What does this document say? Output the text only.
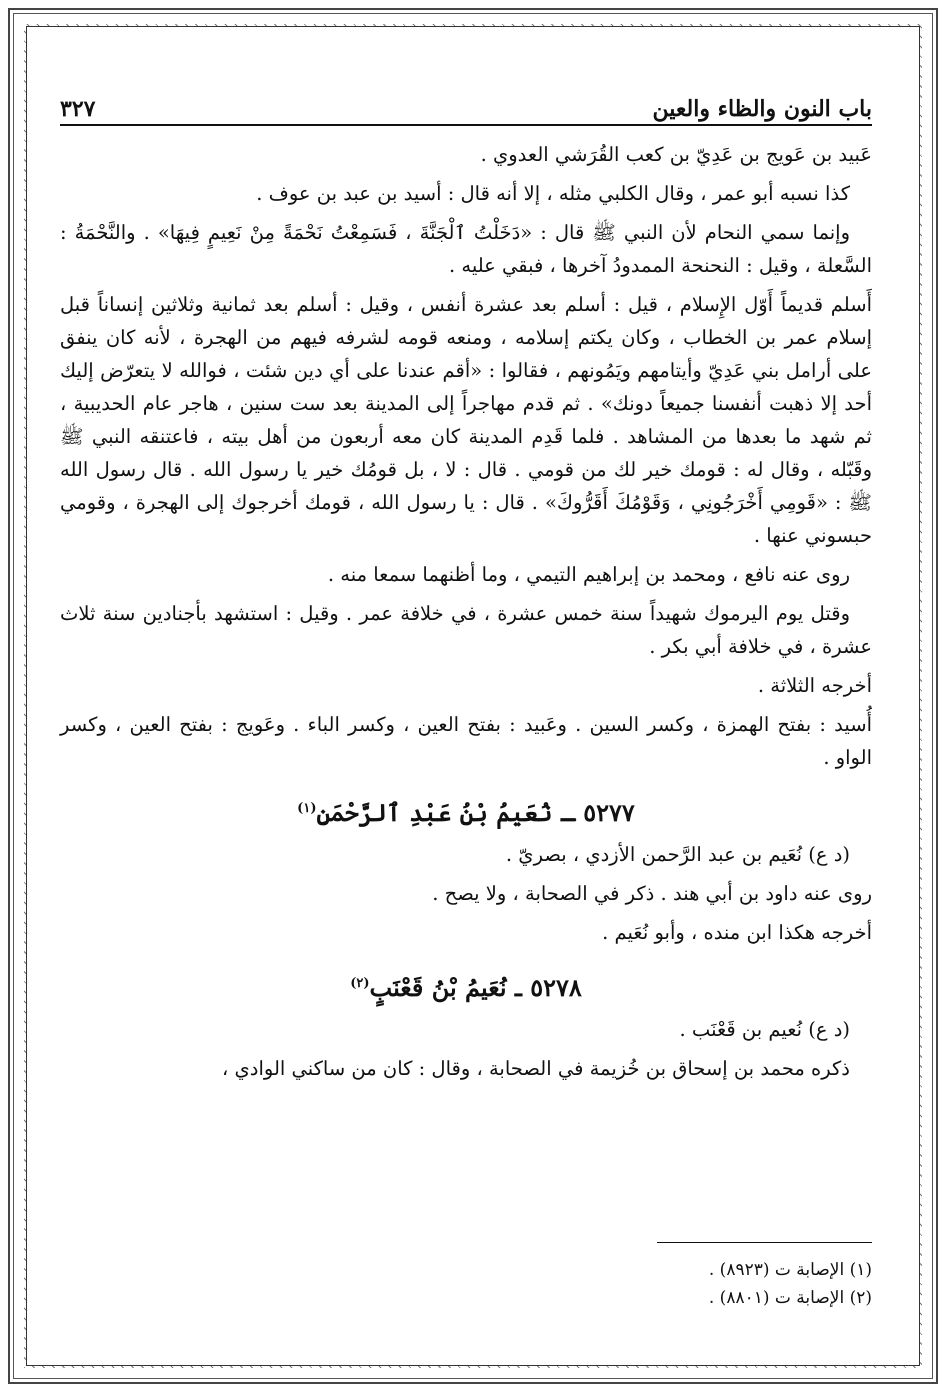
باب النون والظاء والعين
٣٢٧

عَبيد بن عَويج بن عَدِيّ بن كعب القُرَشي العدوي .

كذا نسبه أبو عمر ، وقال الكلبي مثله ، إلا أنه قال : أسيد بن عبد بن عوف .

وإنما سمي النحام لأن النبي ﷺ قال : «دَخَلْتُ ٱلْجَنَّةَ ، فَسَمِعْتُ نَحْمَةً مِنْ نَعِيمٍ فِيهَا» . والنَّحْمَةُ : السَّعلة ، وقيل : النحنحة الممدودُ آخرها ، فبقي عليه .

أَسلم قديماً أَوّل الإِسلام ، قيل : أسلم بعد عشرة أنفس ، وقيل : أسلم بعد ثمانية وثلاثين إنساناً قبل إسلام عمر بن الخطاب ، وكان يكتم إسلامه ، ومنعه قومه لشرفه فيهم من الهجرة ، لأنه كان ينفق على أرامل بني عَدِيّ وأيتامهم ويَمُونهم ، فقالوا : «أقم عندنا على أي دين شئت ، فوالله لا يتعرّض إليك أحد إلا ذهبت أنفسنا جميعاً دونك» . ثم قدم مهاجراً إلى المدينة بعد ست سنين ، هاجر عام الحديبية ، ثم شهد ما بعدها من المشاهد . فلما قَدِم المدينة كان معه أربعون من أهل بيته ، فاعتنقه النبي ﷺ وقَبّله ، وقال له : قومك خير لك من قومي . قال : لا ، بل قومُك خير يا رسول الله . قال رسول الله ﷺ : «قَومِي أَخْرَجُونِي ، وَقَوْمُكَ أَقَرُّوكَ» . قال : يا رسول الله ، قومك أخرجوك إلى الهجرة ، وقومي حبسوني عنها .

روى عنه نافع ، ومحمد بن إبراهيم التيمي ، وما أظنهما سمعا منه .

وقتل يوم اليرموك شهيداً سنة خمس عشرة ، في خلافة عمر . وقيل : استشهد بأجنادين سنة ثلاث عشرة ، في خلافة أبي بكر .

أخرجه الثلاثة .

أُسيد : بفتح الهمزة ، وكسر السين . وعَبيد : بفتح العين ، وكسر الباء . وعَويج : بفتح العين ، وكسر الواو .

٥٢٧٧ ـ نُعَيمُ بْنُ عَبْدِ ٱلرَّحْمَنِ$^{(١)}$

(د ع) نُعَيم بن عبد الرَّحمن الأزدي ، بصريّ .

روى عنه داود بن أبي هند . ذكر في الصحابة ، ولا يصح .

أخرجه هكذا ابن منده ، وأبو نُعَيم .

٥٢٧٨ ـ نُعَيمُ بْنُ قَعْنَبٍ$^{(٢)}$

(د ع) نُعيم بن قَعْنَب .

ذكره محمد بن إسحاق بن خُزيمة في الصحابة ، وقال : كان من ساكني الوادي ،

(١) الإصابة ت (٨٩٢٣) .
(٢) الإصابة ت (٨٨٠١) .
